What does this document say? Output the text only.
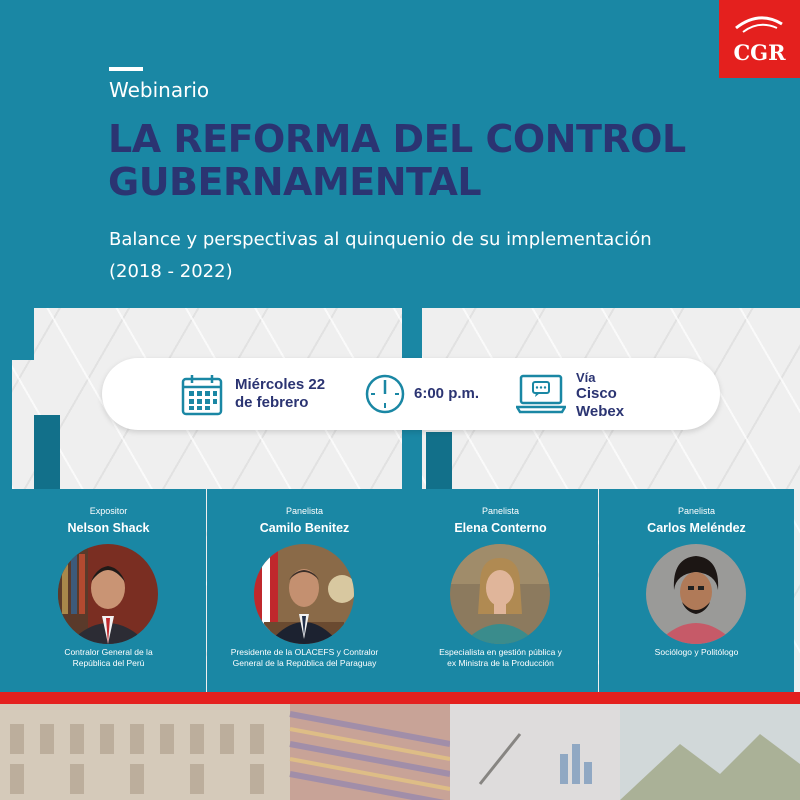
Webinario
LA REFORMA DEL CONTROL GUBERNAMENTAL
Balance y perspectivas al quinquenio de su implementación
(2018 - 2022)
CGR
Miércoles 22
de febrero
6:00 p.m.
Vía
Cisco
Webex
Expositor
Nelson Shack
Contralor General de la
República del Perú
Panelista
Camilo Benitez
Presidente de la OLACEFS y Contralor
General de la República del Paraguay
Panelista
Elena Conterno
Especialista en gestión pública y
ex Ministra de la Producción
Panelista
Carlos Meléndez
Sociólogo y Politólogo
